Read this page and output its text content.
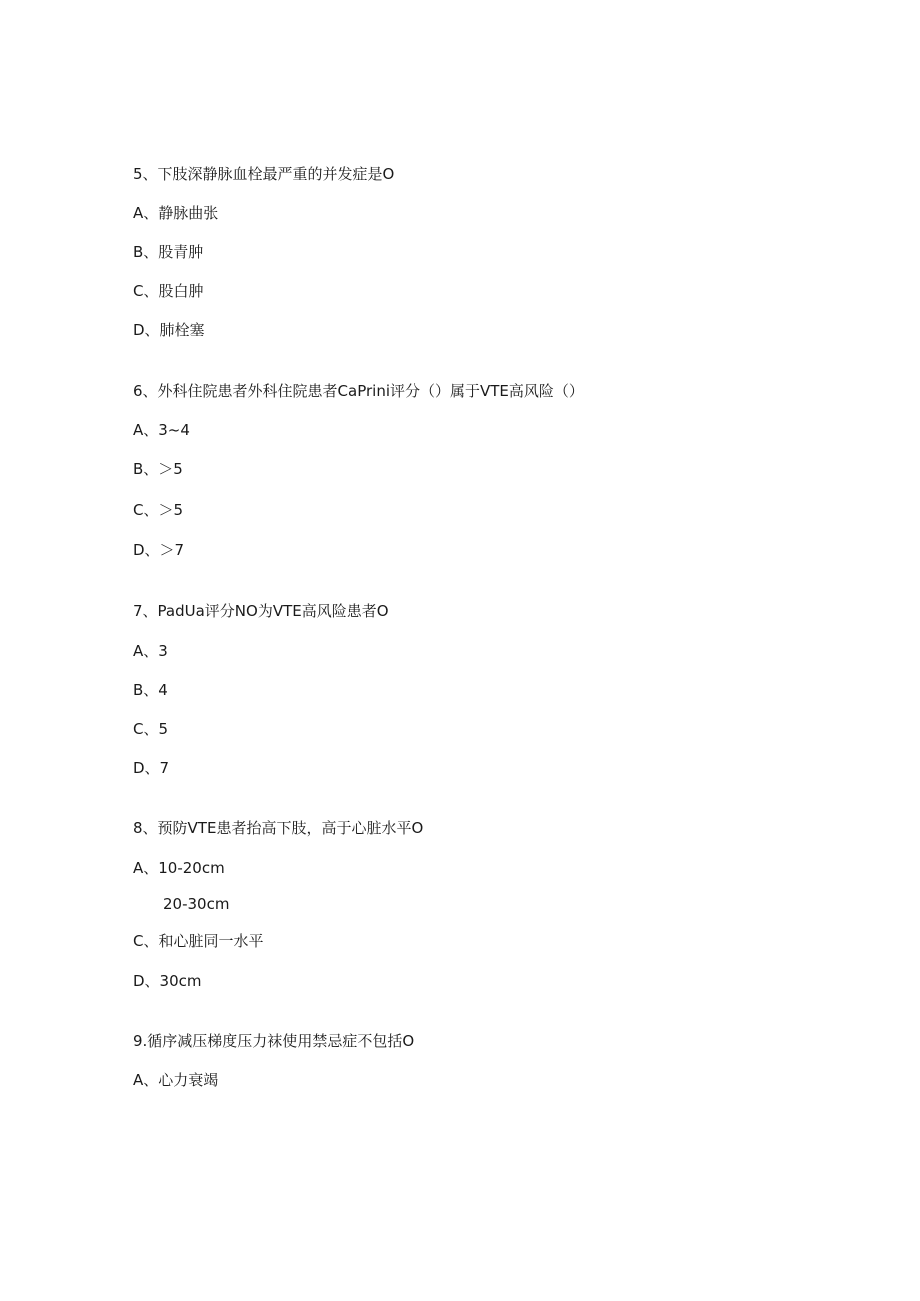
5、下肢深静脉血栓最严重的并发症是O
A、静脉曲张
B、股青肿
C、股白肿
D、肺栓塞
6、外科住院患者外科住院患者CaPrini评分（）属于VTE高风险（）
A、3~4
B、＞5
C、＞5
D、＞7
7、PadUa评分NO为VTE高风险患者O
A、3
B、4
C、5
D、7
8、预防VTE患者抬高下肢，高于心脏水平O
A、10-20cm
20-30cm
C、和心脏同一水平
D、30cm
9.循序减压梯度压力袜使用禁忌症不包括O
A、心力衰竭
